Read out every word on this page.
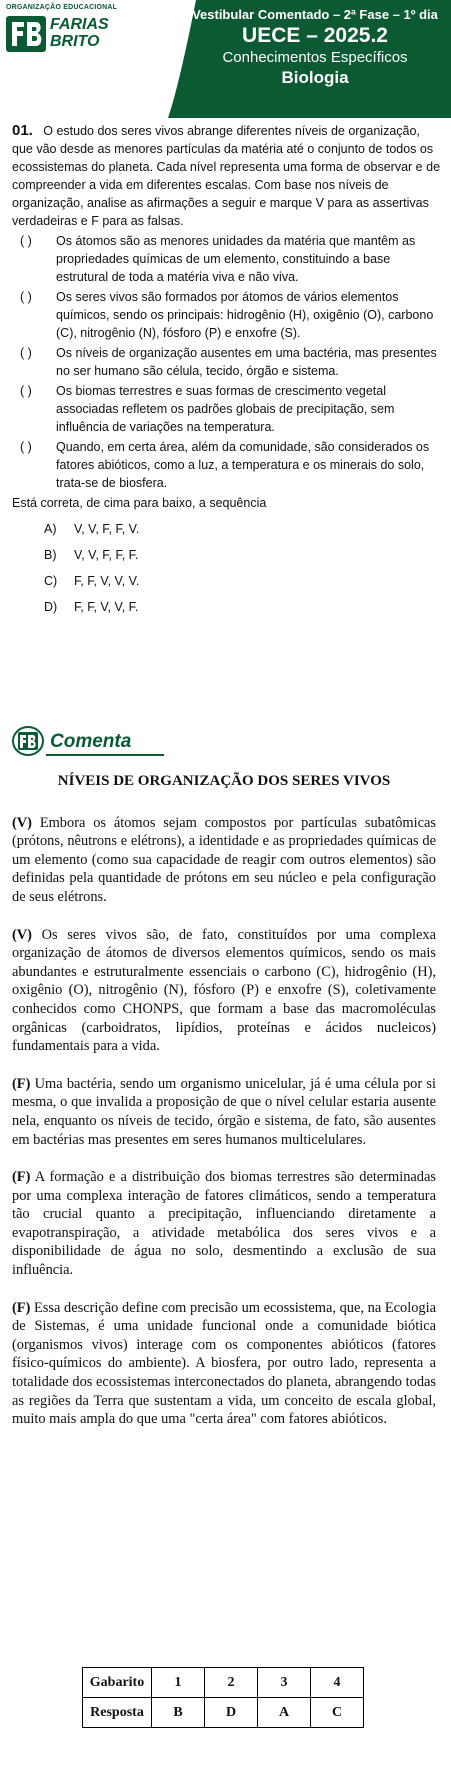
ORGANIZAÇÃO EDUCACIONAL
FARIAS
BRITO
Vestibular Comentado – 2ª Fase – 1º dia
UECE – 2025.2
Conhecimentos Específicos
Biologia

01. O estudo dos seres vivos abrange diferentes níveis de organização, que vão desde as menores partículas da matéria até o conjunto de todos os ecossistemas do planeta. Cada nível representa uma forma de observar e de compreender a vida em diferentes escalas. Com base nos níveis de organização, analise as afirmações a seguir e marque V para as assertivas verdadeiras e F para as falsas.

( )	Os átomos são as menores unidades da matéria que mantêm as propriedades químicas de um elemento, constituindo a base estrutural de toda a matéria viva e não viva.
( )	Os seres vivos são formados por átomos de vários elementos químicos, sendo os principais: hidrogênio (H), oxigênio (O), carbono (C), nitrogênio (N), fósforo (P) e enxofre (S).
( )	Os níveis de organização ausentes em uma bactéria, mas presentes no ser humano são célula, tecido, órgão e sistema.
( )	Os biomas terrestres e suas formas de crescimento vegetal associadas refletem os padrões globais de precipitação, sem influência de variações na temperatura.
( )	Quando, em certa área, além da comunidade, são considerados os fatores abióticos, como a luz, a temperatura e os minerais do solo, trata-se de biosfera.

Está correta, de cima para baixo, a sequência

A)	V, V, F, F, V.
B)	V, V, F, F, F.
C)	F, F, V, V, V.
D)	F, F, V, V, F.
Comenta
NÍVEIS DE ORGANIZAÇÃO DOS SERES VIVOS

(V) Embora os átomos sejam compostos por partículas subatômicas (prótons, nêutrons e elétrons), a identidade e as propriedades químicas de um elemento (como sua capacidade de reagir com outros elementos) são definidas pela quantidade de prótons em seu núcleo e pela configuração de seus elétrons.

(V) Os seres vivos são, de fato, constituídos por uma complexa organização de átomos de diversos elementos químicos, sendo os mais abundantes e estruturalmente essenciais o carbono (C), hidrogênio (H), oxigênio (O), nitrogênio (N), fósforo (P) e enxofre (S), coletivamente conhecidos como CHONPS, que formam a base das macromoléculas orgânicas (carboidratos, lipídios, proteínas e ácidos nucleicos) fundamentais para a vida.

(F) Uma bactéria, sendo um organismo unicelular, já é uma célula por si mesma, o que invalida a proposição de que o nível celular estaria ausente nela, enquanto os níveis de tecido, órgão e sistema, de fato, são ausentes em bactérias mas presentes em seres humanos multicelulares.

(F) A formação e a distribuição dos biomas terrestres são determinadas por uma complexa interação de fatores climáticos, sendo a temperatura tão crucial quanto a precipitação, influenciando diretamente a evapotranspiração, a atividade metabólica dos seres vivos e a disponibilidade de água no solo, desmentindo a exclusão de sua influência.

(F) Essa descrição define com precisão um ecossistema, que, na Ecologia de Sistemas, é uma unidade funcional onde a comunidade biótica (organismos vivos) interage com os componentes abióticos (fatores físico-químicos do ambiente). A biosfera, por outro lado, representa a totalidade dos ecossistemas interconectados do planeta, abrangendo todas as regiões da Terra que sustentam a vida, um conceito de escala global, muito mais ampla do que uma "certa área" com fatores abióticos.

Gabarito	1	2	3	4
Resposta	B	D	A	C
